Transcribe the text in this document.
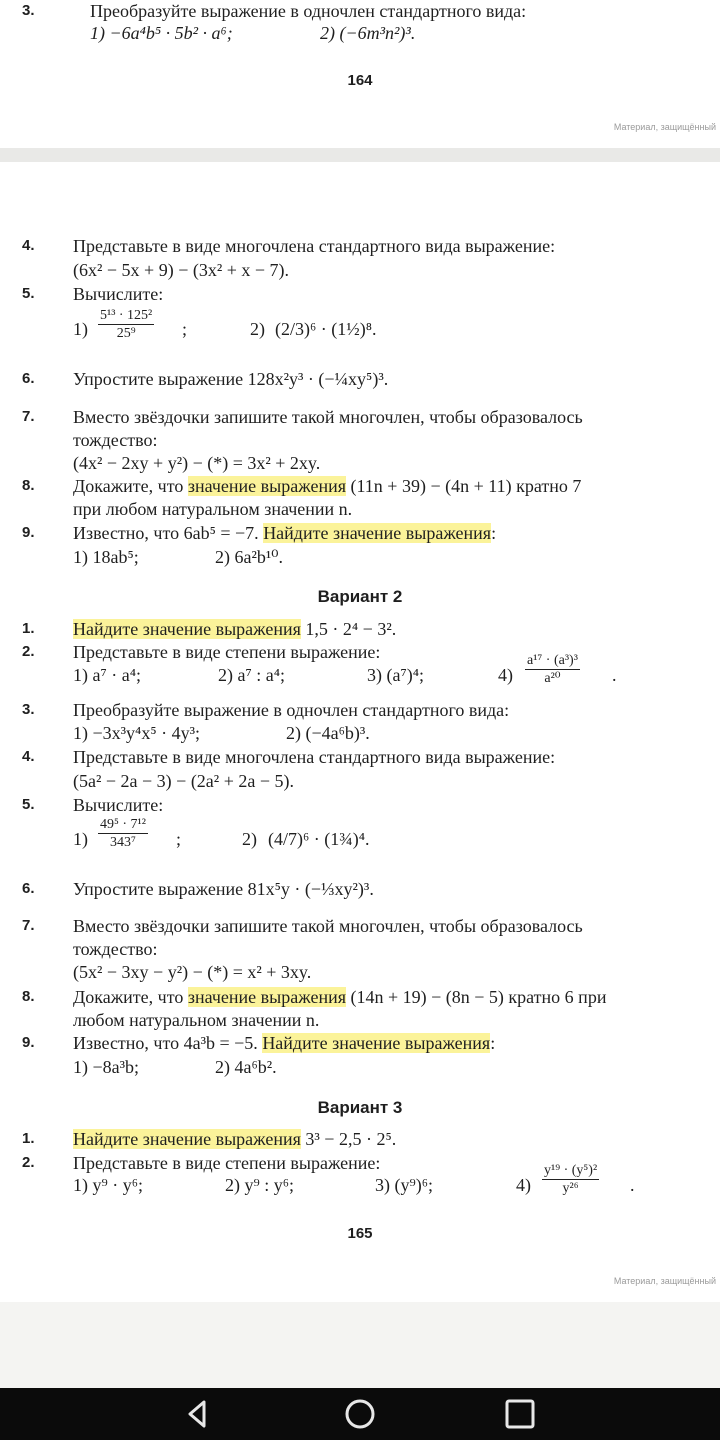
3.	Преобразуйте выражение в одночлен стандартного вида:
1) −6a⁴b⁵ · 5b² · a⁶;	2) (−6m³n²)³.
164
Материал, защищённый
4. Представьте в виде многочлена стандартного вида выражение:
(6x² − 5x + 9) − (3x² + x − 7).
5. Вычислите:
$1) \frac{\text{5¹³ · 125²}}{\text{25⁹}}$ ;	2) (2/3)⁶ · (1½)⁸.
6. Упростите выражение 128x²y³ · (−¼xy⁵)³.
7. Вместо звёздочки запишите такой многочлен, чтобы образовалось
тождество:
(4x² − 2xy + y²) − (*) = 3x² + 2xy.
8. Докажите, что значение выражения (11n + 39) − (4n + 11) кратно 7
при любом натуральном значении n.
9. Известно, что 6ab⁵ = −7. Найдите значение выражения:
1) 18ab⁵;	2) 6a²b¹⁰.
Вариант 2
1. Найдите значение выражения 1,5 · 2⁴ − 3².
2. Представьте в виде степени выражение:
1) a⁷ · a⁴;	2) a⁷ : a⁴;	3) (a⁷)⁴;	$4) \frac{\text{a¹⁷ · (a³)³}}{\text{a²⁰}}$ .
3. Преобразуйте выражение в одночлен стандартного вида:
1) −3x³y⁴x⁵ · 4y³;	2) (−4a⁶b)³.
4. Представьте в виде многочлена стандартного вида выражение:
(5a² − 2a − 3) − (2a² + 2a − 5).
5. Вычислите:
$1) \frac{\text{49⁵ · 7¹²}}{\text{343⁷}}$ ;	2) (4/7)⁶ · (1¾)⁴.
6. Упростите выражение 81x⁵y · (−⅓xy²)³.
7. Вместо звёздочки запишите такой многочлен, чтобы образовалось
тождество:
(5x² − 3xy − y²) − (*) = x² + 3xy.
8. Докажите, что значение выражения (14n + 19) − (8n − 5) кратно 6 при
любом натуральном значении n.
9. Известно, что 4a³b = −5. Найдите значение выражения:
1) −8a³b;	2) 4a⁶b².
Вариант 3
1. Найдите значение выражения 3³ − 2,5 · 2⁵.
2. Представьте в виде степени выражение:
1) y⁹ · y⁶;	2) y⁹ : y⁶;	3) (y⁹)⁶;	$4) \frac{\text{y¹⁹ · (y⁵)²}}{\text{y²⁶}}$ .
165
Материал, защищённый
